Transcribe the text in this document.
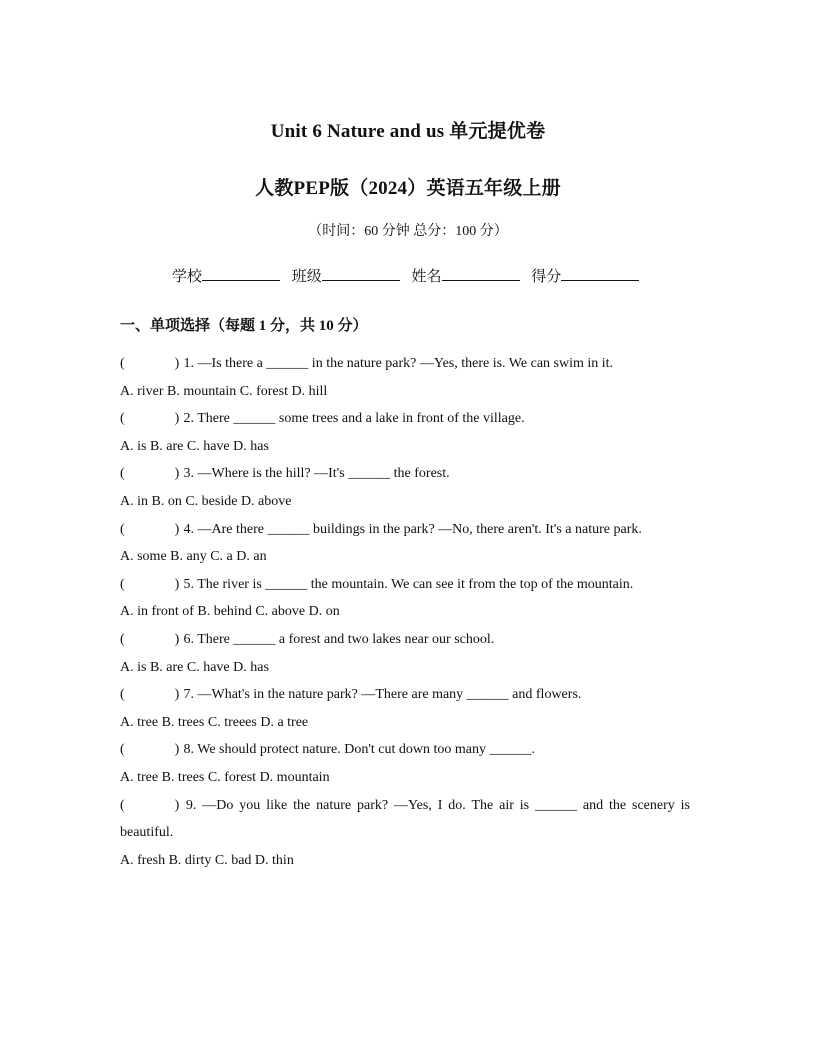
Unit 6 Nature and us 单元提优卷
人教PEP版（2024）英语五年级上册
（时间：60 分钟 总分：100 分）
学校	班级	姓名	得分
一、单项选择（每题 1 分，共 10 分）
(	) 1. —Is there a ______ in the nature park? —Yes, there is. We can swim in it.
A. river B. mountain C. forest D. hill
(	) 2. There ______ some trees and a lake in front of the village.
A. is B. are C. have D. has
(	) 3. —Where is the hill? —It's ______ the forest.
A. in B. on C. beside D. above
(	) 4. —Are there ______ buildings in the park? —No, there aren't. It's a nature park.
A. some B. any C. a D. an
(	) 5. The river is ______ the mountain. We can see it from the top of the mountain.
A. in front of B. behind C. above D. on
(	) 6. There ______ a forest and two lakes near our school.
A. is B. are C. have D. has
(	) 7. —What's in the nature park? —There are many ______ and flowers.
A. tree B. trees C. treees D. a tree
(	) 8. We should protect nature. Don't cut down too many ______.
A. tree B. trees C. forest D. mountain
(	) 9. —Do you like the nature park? —Yes, I do. The air is ______ and the scenery is beautiful.
A. fresh B. dirty C. bad D. thin
